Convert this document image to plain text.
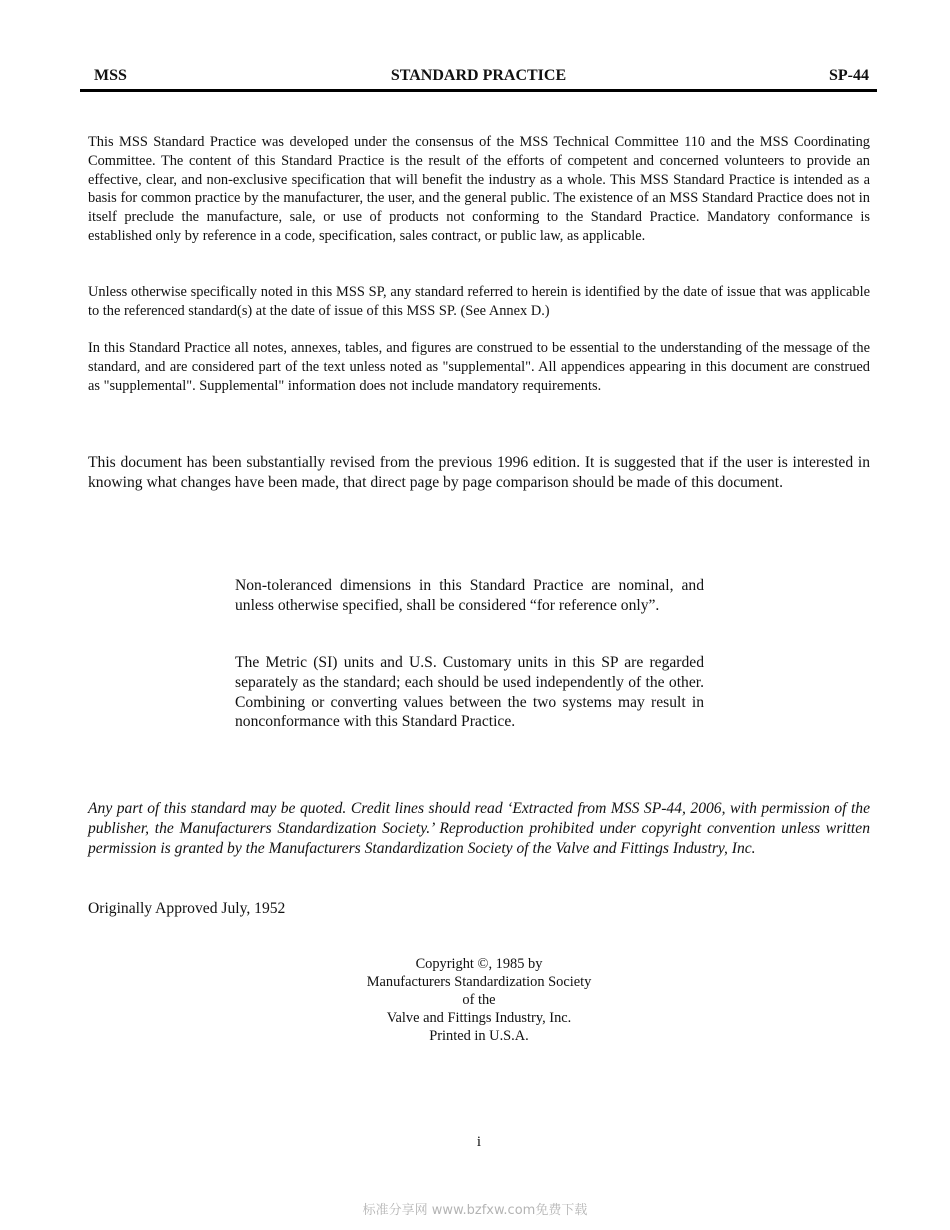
MSS	STANDARD PRACTICE	SP-44

This MSS Standard Practice was developed under the consensus of the MSS Technical Committee 110 and the MSS Coordinating Committee. The content of this Standard Practice is the result of the efforts of competent and concerned volunteers to provide an effective, clear, and non-exclusive specification that will benefit the industry as a whole. This MSS Standard Practice is intended as a basis for common practice by the manufacturer, the user, and the general public. The existence of an MSS Standard Practice does not in itself preclude the manufacture, sale, or use of products not conforming to the Standard Practice. Mandatory conformance is established only by reference in a code, specification, sales contract, or public law, as applicable.

Unless otherwise specifically noted in this MSS SP, any standard referred to herein is identified by the date of issue that was applicable to the referenced standard(s) at the date of issue of this MSS SP. (See Annex D.)

In this Standard Practice all notes, annexes, tables, and figures are construed to be essential to the understanding of the message of the standard, and are considered part of the text unless noted as "supplemental". All appendices appearing in this document are construed as "supplemental". Supplemental" information does not include mandatory requirements.

This document has been substantially revised from the previous 1996 edition. It is suggested that if the user is interested in knowing what changes have been made, that direct page by page comparison should be made of this document.

Non-toleranced dimensions in this Standard Practice are nominal, and unless otherwise specified, shall be considered “for reference only”.

The Metric (SI) units and U.S. Customary units in this SP are regarded separately as the standard; each should be used independently of the other. Combining or converting values between the two systems may result in nonconformance with this Standard Practice.

Any part of this standard may be quoted. Credit lines should read ‘Extracted from MSS SP-44, 2006, with permission of the publisher, the Manufacturers Standardization Society.’ Reproduction prohibited under copyright convention unless written permission is granted by the Manufacturers Standardization Society of the Valve and Fittings Industry, Inc.

Originally Approved July, 1952

Copyright ©, 1985 by
Manufacturers Standardization Society
of the
Valve and Fittings Industry, Inc.
Printed in U.S.A.
i
标准分享网 www.bzfxw.com免费下载
